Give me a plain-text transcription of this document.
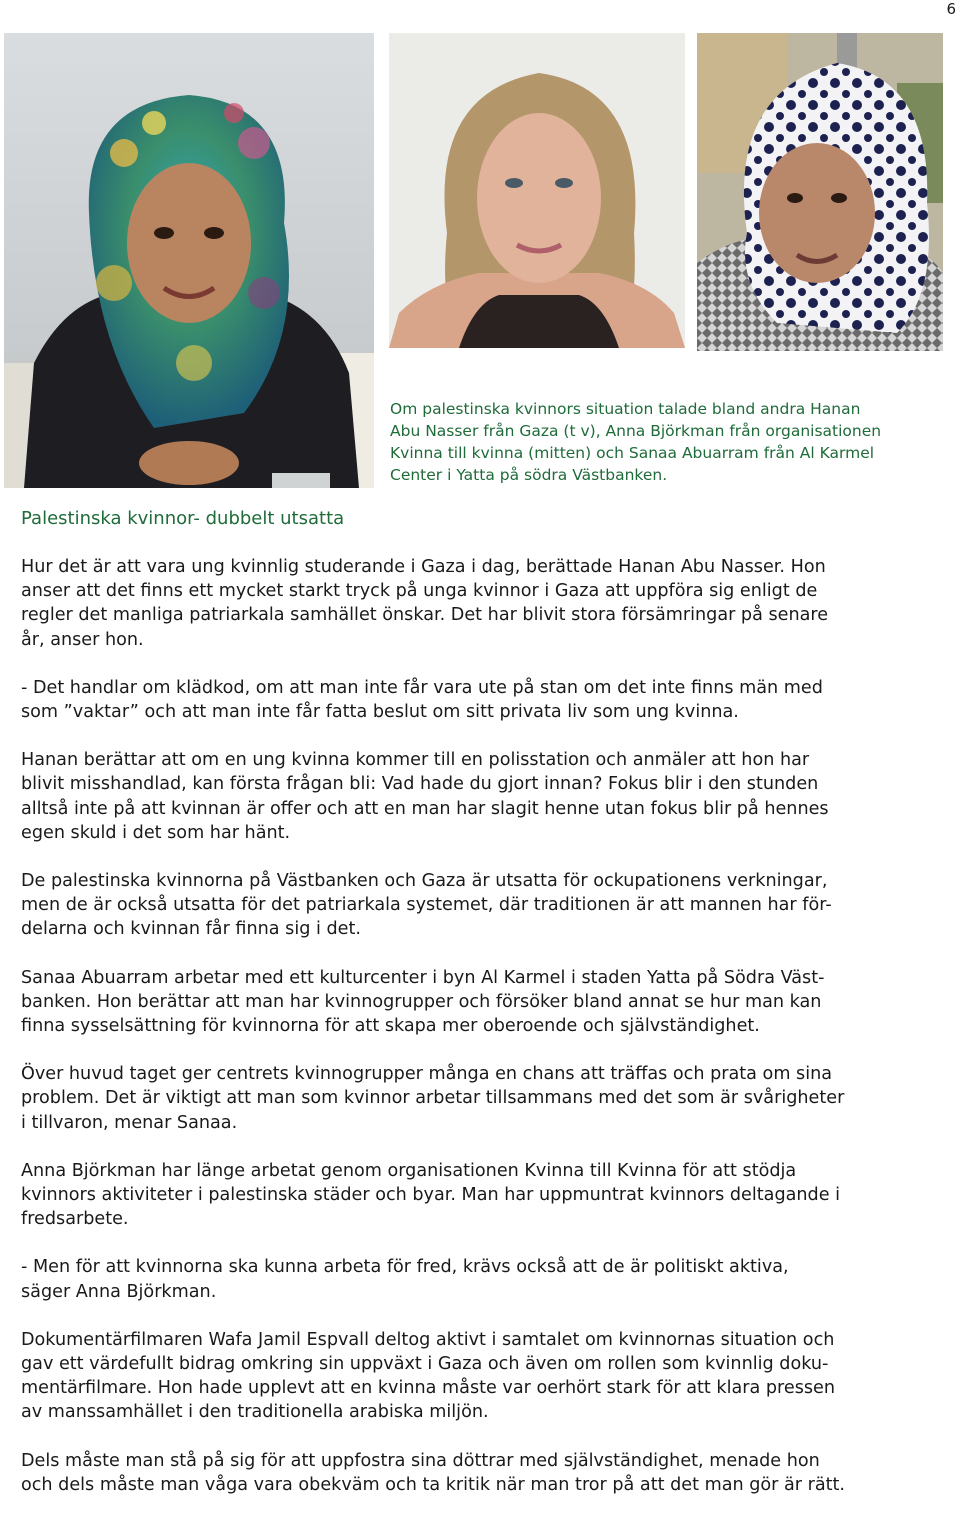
6
Om palestinska kvinnors situation talade bland andra Hanan
Abu Nasser från Gaza (t v), Anna Björkman från organisationen
Kvinna till kvinna (mitten) och Sanaa Abuarram från Al Karmel
Center i Yatta på södra Västbanken.
Palestinska kvinnor- dubbelt utsatta

Hur det är att vara ung kvinnlig studerande i Gaza i dag, berättade Hanan Abu Nasser. Hon
anser att det finns ett mycket starkt tryck på unga kvinnor i Gaza att uppföra sig enligt de
regler det manliga patriarkala samhället önskar. Det har blivit stora försämringar på senare
år, anser hon.

- Det handlar om klädkod, om att man inte får vara ute på stan om det inte finns män med
som ”vaktar” och att man inte får fatta beslut om sitt privata liv som ung kvinna.

Hanan berättar att om en ung kvinna kommer till en polisstation och anmäler att hon har
blivit misshandlad, kan första frågan bli: Vad hade du gjort innan? Fokus blir i den stunden
alltså inte på att kvinnan är offer och att en man har slagit henne utan fokus blir på hennes
egen skuld i det som har hänt.

De palestinska kvinnorna på Västbanken och Gaza är utsatta för ockupationens verkningar,
men de är också utsatta för det patriarkala systemet, där traditionen är att mannen har för-
delarna och kvinnan får finna sig i det.

Sanaa Abuarram arbetar med ett kulturcenter i byn Al Karmel i staden Yatta på Södra Väst-
banken. Hon berättar att man har kvinnogrupper och försöker bland annat se hur man kan
finna sysselsättning för kvinnorna för att skapa mer oberoende och självständighet.

Över huvud taget ger centrets kvinnogrupper många en chans att träffas och prata om sina
problem. Det är viktigt att man som kvinnor arbetar tillsammans med det som är svårigheter
i tillvaron, menar Sanaa.

Anna Björkman har länge arbetat genom organisationen Kvinna till Kvinna för att stödja
kvinnors aktiviteter i palestinska städer och byar. Man har uppmuntrat kvinnors deltagande i
fredsarbete.

- Men för att kvinnorna ska kunna arbeta för fred, krävs också att de är politiskt aktiva,
säger Anna Björkman.

Dokumentärfilmaren Wafa Jamil Espvall deltog aktivt i samtalet om kvinnornas situation och
gav ett värdefullt bidrag omkring sin uppväxt i Gaza och även om rollen som kvinnlig doku-
mentärfilmare. Hon hade upplevt att en kvinna måste var oerhört stark för att klara pressen
av manssamhället i den traditionella arabiska miljön.

Dels måste man stå på sig för att uppfostra sina döttrar med självständighet, menade hon
och dels måste man våga vara obekväm och ta kritik när man tror på att det man gör är rätt.
